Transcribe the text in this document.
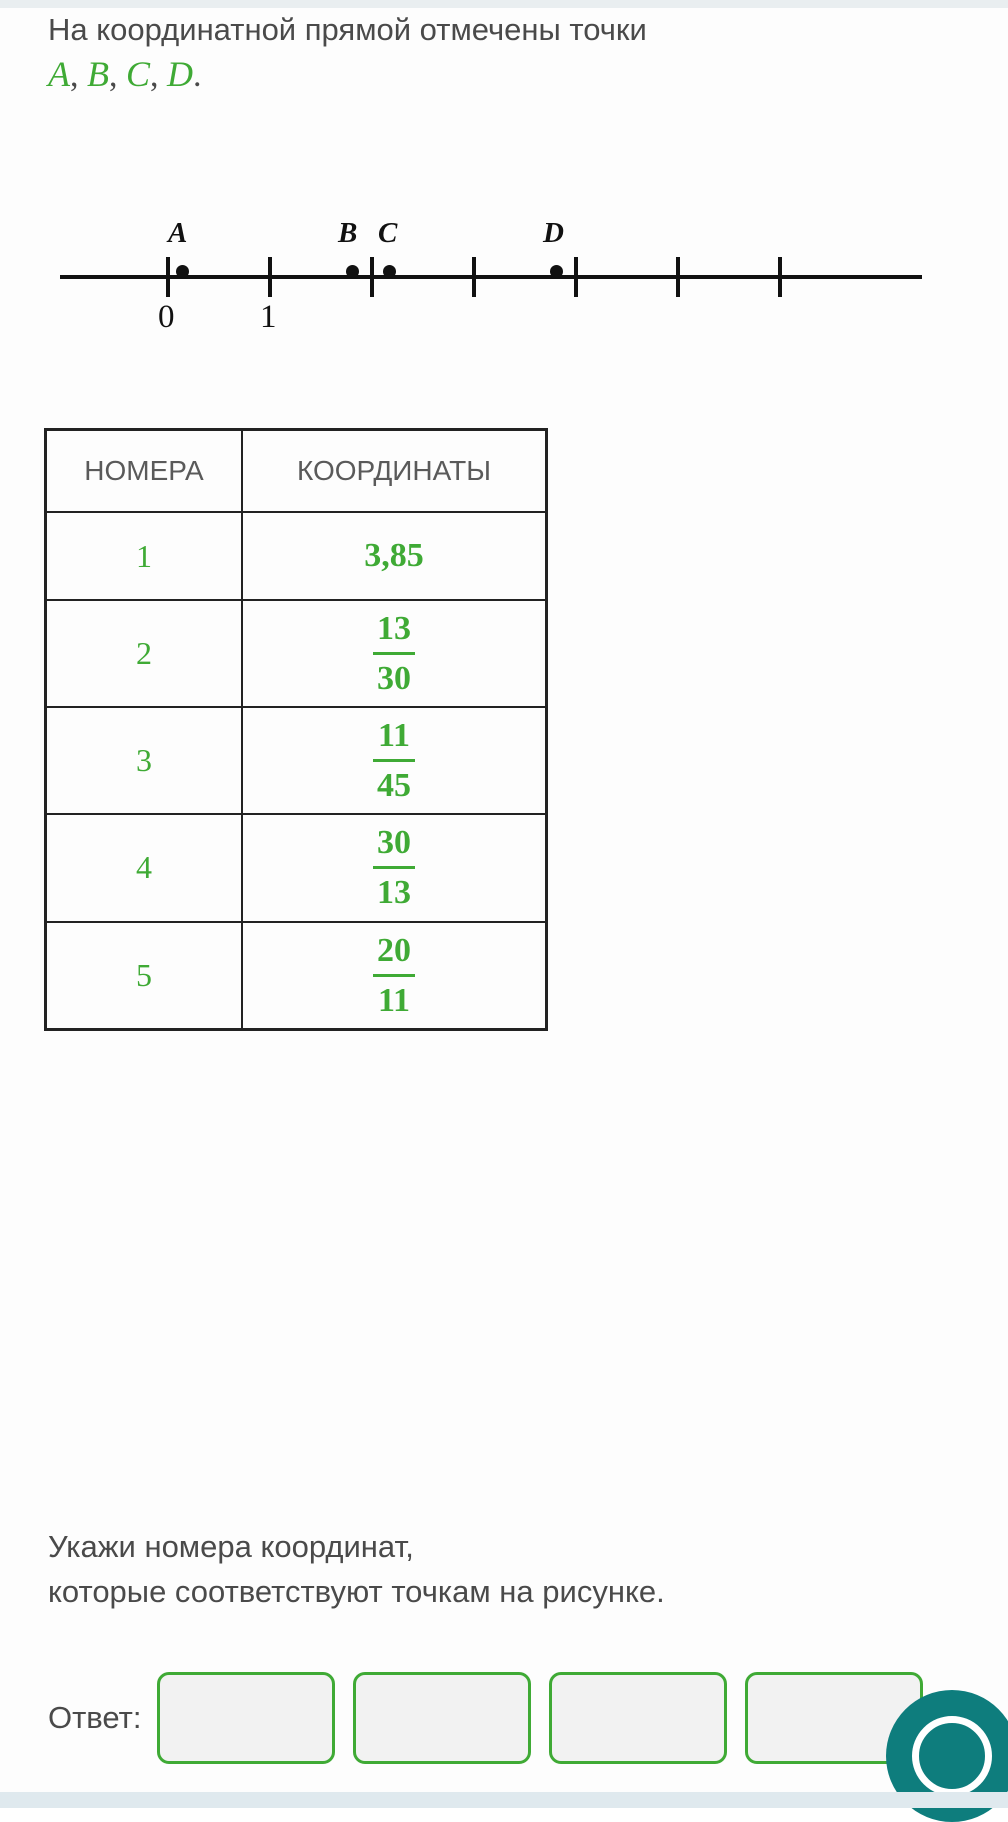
На координатной прямой отмечены точки
A, B, C, D.
A	B C	D
0	1
НОМЕРА	КООРДИНАТЫ
1	3,85
2	$\frac{13}{30}$

3	$\frac{11}{45}$

4	$\frac{30}{13}$

5	$\frac{20}{11}$
Укажи номера координат,
которые соответствуют точкам на рисунке.
Ответ:
